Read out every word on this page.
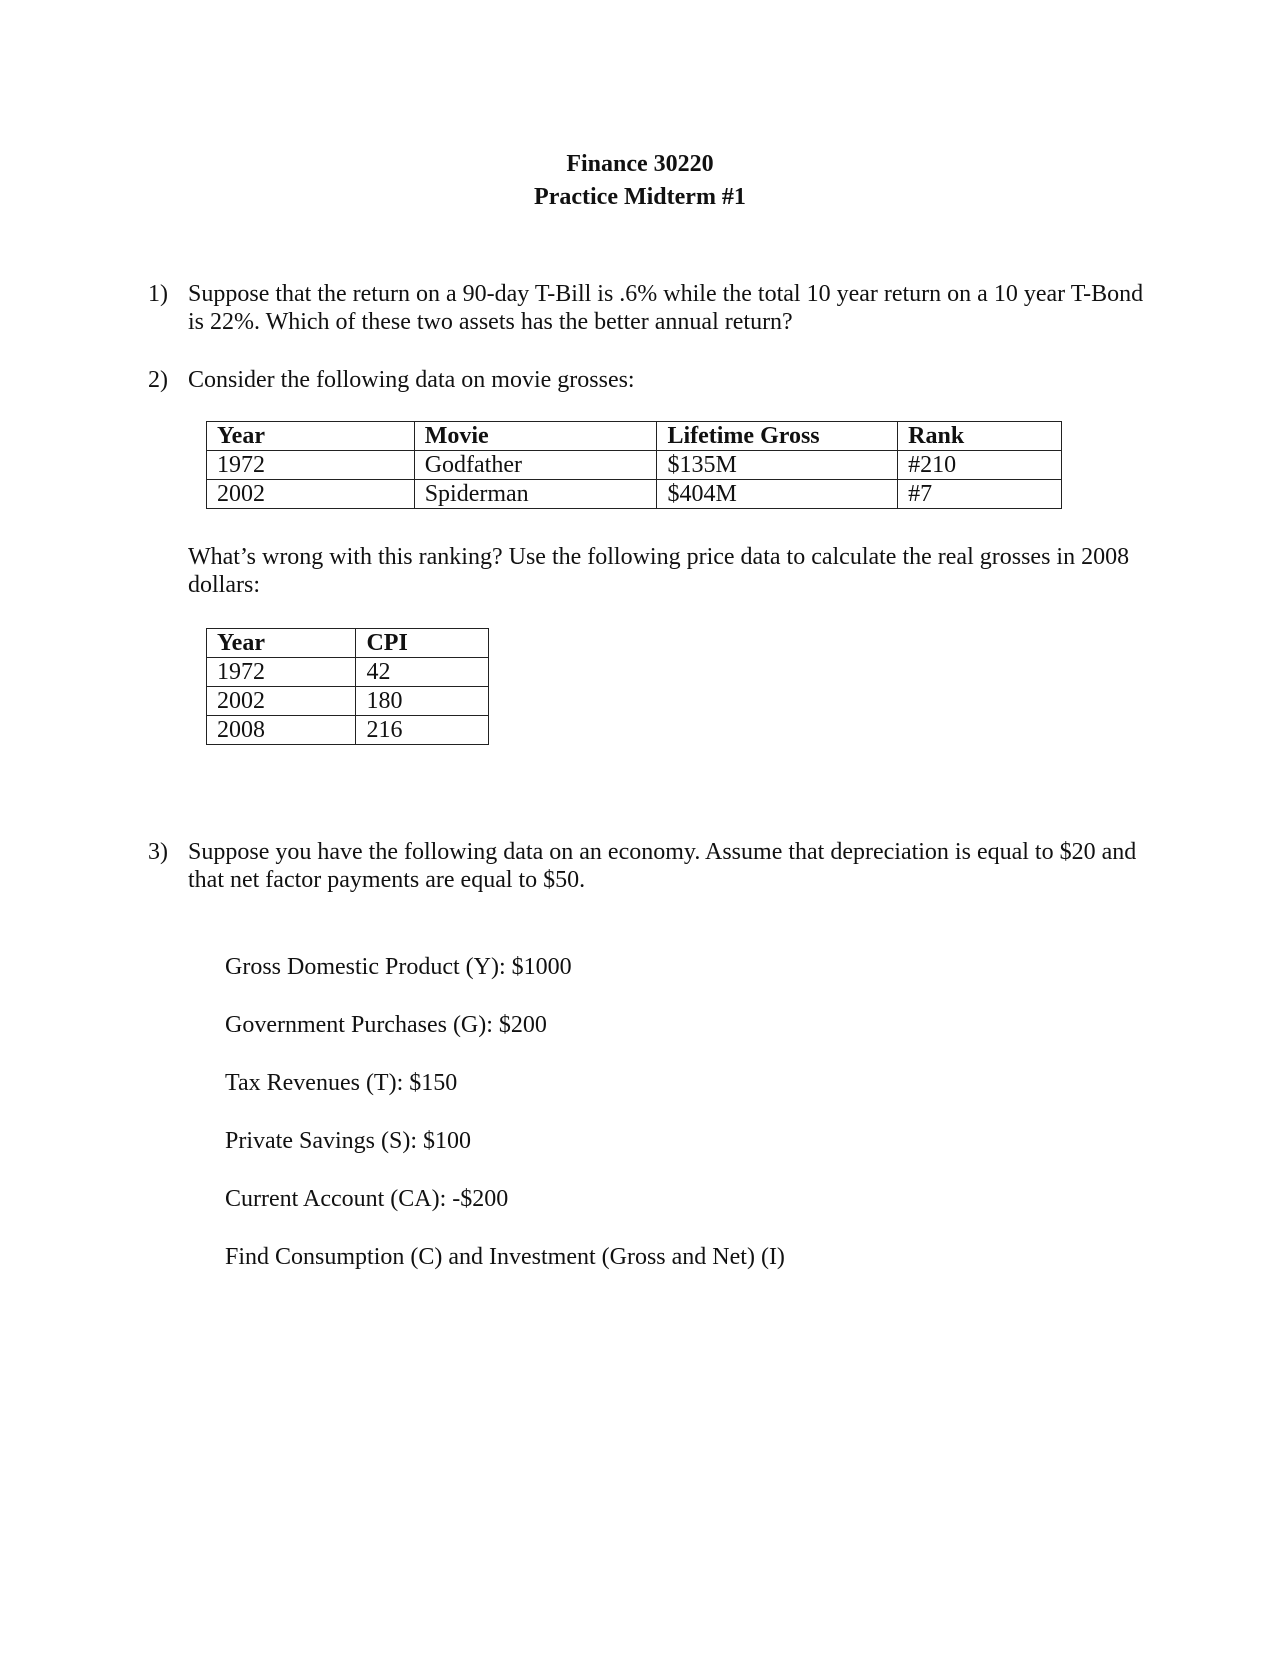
Finance 30220
Practice Midterm #1
1) Suppose that the return on a 90-day T-Bill is .6% while the total 10 year return on a 10 year T-Bond is 22%. Which of these two assets has the better annual return?
2) Consider the following data on movie grosses:
Year	Movie	Lifetime Gross	Rank
1972	Godfather	$135M	#210
2002	Spiderman	$404M	#7
What’s wrong with this ranking? Use the following price data to calculate the real grosses in 2008 dollars:
Year	CPI
1972	42
2002	180
2008	216
3) Suppose you have the following data on an economy. Assume that depreciation is equal to $20 and that net factor payments are equal to $50.
Gross Domestic Product (Y): $1000
Government Purchases (G): $200
Tax Revenues (T): $150
Private Savings (S): $100
Current Account (CA): -$200
Find Consumption (C) and Investment (Gross and Net) (I)
